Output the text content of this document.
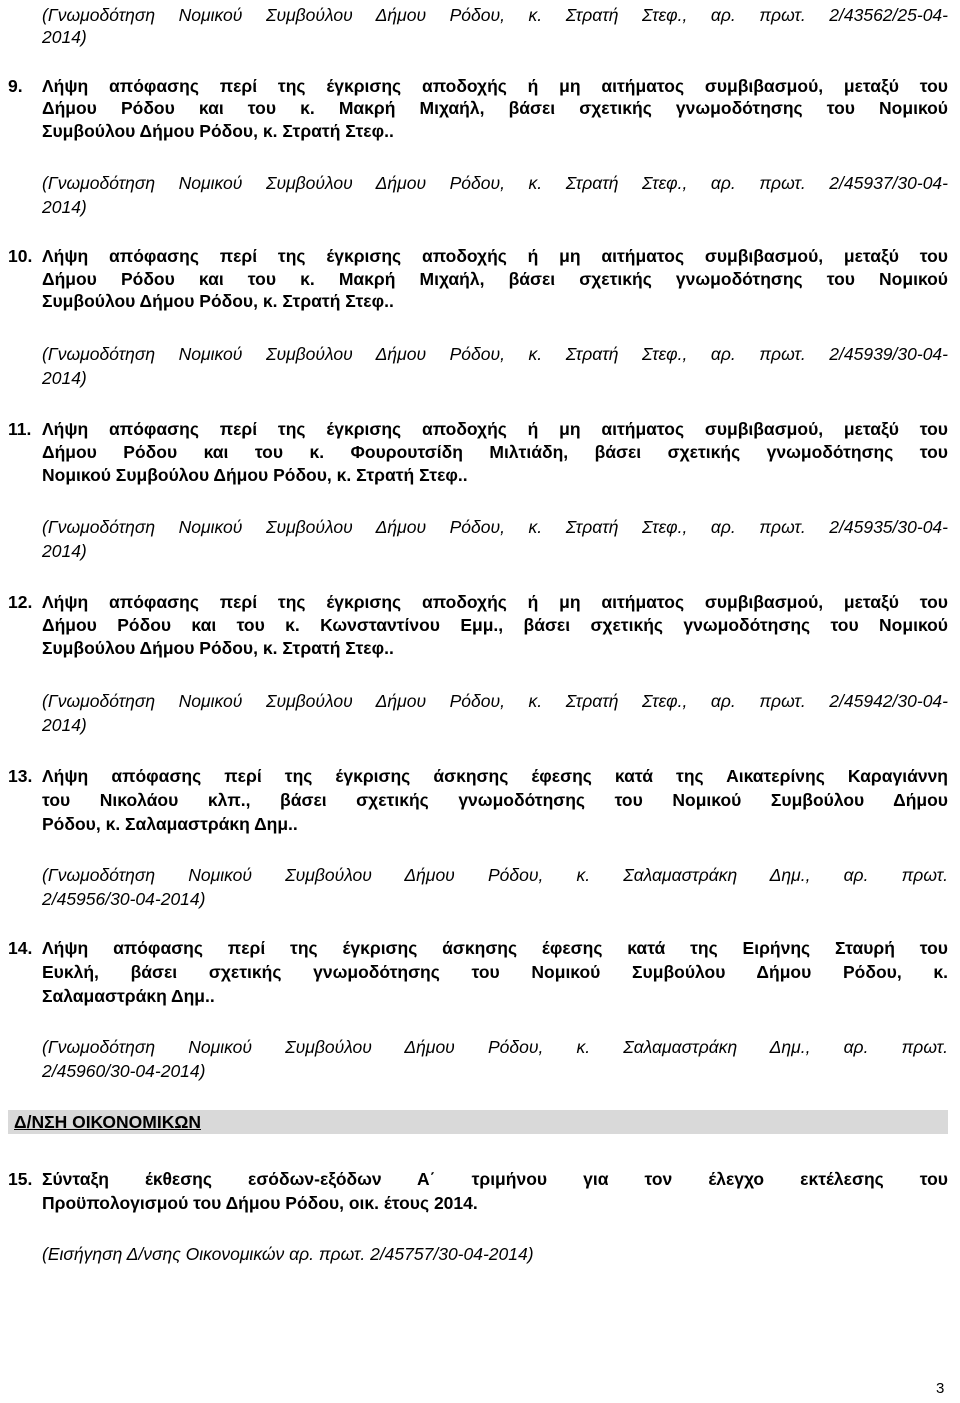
(Γνωμοδότηση Νομικού Συμβούλου Δήμου Ρόδου, κ. Στρατή Στεφ., αρ. πρωτ. 2/43562/25-04-
2014)
9. Λήψη απόφασης περί της έγκρισης αποδοχής ή μη αιτήματος συμβιβασμού, μεταξύ του
Δήμου Ρόδου και του κ. Μακρή Μιχαήλ, βάσει σχετικής γνωμοδότησης του Νομικού
Συμβούλου Δήμου Ρόδου, κ. Στρατή Στεφ..
(Γνωμοδότηση Νομικού Συμβούλου Δήμου Ρόδου, κ. Στρατή Στεφ., αρ. πρωτ. 2/45937/30-04-
2014)
10. Λήψη απόφασης περί της έγκρισης αποδοχής ή μη αιτήματος συμβιβασμού, μεταξύ του
Δήμου Ρόδου και του κ. Μακρή Μιχαήλ, βάσει σχετικής γνωμοδότησης του Νομικού
Συμβούλου Δήμου Ρόδου, κ. Στρατή Στεφ..
(Γνωμοδότηση Νομικού Συμβούλου Δήμου Ρόδου, κ. Στρατή Στεφ., αρ. πρωτ. 2/45939/30-04-
2014)
11. Λήψη απόφασης περί της έγκρισης αποδοχής ή μη αιτήματος συμβιβασμού, μεταξύ του
Δήμου Ρόδου και του κ. Φουρουτσίδη Μιλτιάδη, βάσει σχετικής γνωμοδότησης του
Νομικού Συμβούλου Δήμου Ρόδου, κ. Στρατή Στεφ..
(Γνωμοδότηση Νομικού Συμβούλου Δήμου Ρόδου, κ. Στρατή Στεφ., αρ. πρωτ. 2/45935/30-04-
2014)
12. Λήψη απόφασης περί της έγκρισης αποδοχής ή μη αιτήματος συμβιβασμού, μεταξύ του
Δήμου Ρόδου και του κ. Κωνσταντίνου Εμμ., βάσει σχετικής γνωμοδότησης του Νομικού
Συμβούλου Δήμου Ρόδου, κ. Στρατή Στεφ..
(Γνωμοδότηση Νομικού Συμβούλου Δήμου Ρόδου, κ. Στρατή Στεφ., αρ. πρωτ. 2/45942/30-04-
2014)
13. Λήψη απόφασης περί της έγκρισης άσκησης έφεσης κατά της Αικατερίνης Καραγιάννη
του Νικολάου κλπ., βάσει σχετικής γνωμοδότησης του Νομικού Συμβούλου Δήμου
Ρόδου, κ. Σαλαμαστράκη Δημ..
(Γνωμοδότηση Νομικού Συμβούλου Δήμου Ρόδου, κ. Σαλαμαστράκη Δημ., αρ. πρωτ.
2/45956/30-04-2014)
14. Λήψη απόφασης περί της έγκρισης άσκησης έφεσης κατά της Ειρήνης Σταυρή του
Ευκλή, βάσει σχετικής γνωμοδότησης του Νομικού Συμβούλου Δήμου Ρόδου, κ.
Σαλαμαστράκη Δημ..
(Γνωμοδότηση Νομικού Συμβούλου Δήμου Ρόδου, κ. Σαλαμαστράκη Δημ., αρ. πρωτ.
2/45960/30-04-2014)
Δ/ΝΣΗ ΟΙΚΟΝΟΜΙΚΩΝ
15. Σύνταξη έκθεσης εσόδων-εξόδων Α΄ τριμήνου για τον έλεγχο εκτέλεσης του
Προϋπολογισμού του Δήμου Ρόδου, οικ. έτους 2014.
(Εισήγηση Δ/νσης Οικονομικών αρ. πρωτ. 2/45757/30-04-2014)
3
